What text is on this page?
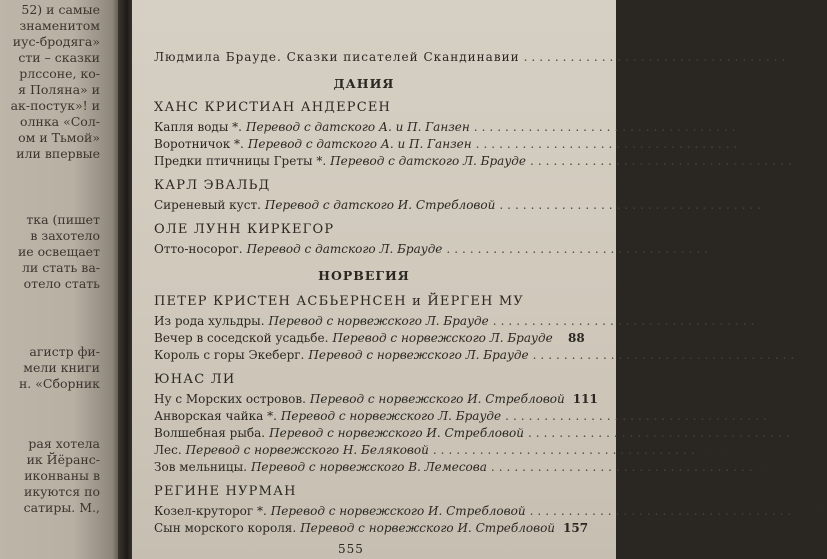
52) и самые
знаменитом
иус-бродяга»
сти – сказки
рлссоне, ко-
я Поляна» и
ак-постук»! и
олнка «Сол-
ом и Тьмой»
или впервые
тка (пишет
в захотело
ие освещает
ли стать ва-
отело стать
агистр фи-
мели книги
н. «Сборник
рая хотела
ик Йёранс-
иконваны в
икуются по
сатиры. М.,
Людмила Брауде. Сказки писателей Скандинавии ..................................	5
ДАНИЯ
ХАНС КРИСТИАН АНДЕРСЕН
Капля воды *. Перевод с датского А. и П. Ганзен .................................. 14
Воротничок *. Перевод с датского А. и П. Ганзен .................................. 17
Предки птичницы Греты *. Перевод с датского Л. Брауде .................................. 19
КАРЛ ЭВАЛЬД
Сиреневый куст. Перевод с датского И. Стребловой .................................. 32
ОЛЕ ЛУНН КИРКЕГОР
Отто-носорог. Перевод с датского Л. Брауде .................................. 39
НОРВЕГИЯ
ПЕТЕР КРИСТЕН АСБЬЕРНСЕН и ЙЕРГЕН МУ
Из рода хульдры. Перевод с норвежского Л. Брауде .................................. 82
Вечер в соседской усадьбе. Перевод с норвежского Л. Брауде	88
Король с горы Экеберг. Перевод с норвежского Л. Брауде .................................. 104
ЮНАС ЛИ
Ну с Морских островов. Перевод с норвежского И. Стребловой 111
Анворская чайка *. Перевод с норвежского Л. Брауде .................................. 133
Волшебная рыба. Перевод с норвежского И. Стребловой .................................. 137
Лес. Перевод с норвежского Н. Беляковой .................................. 140
Зов мельницы. Перевод с норвежского В. Лемесова .................................. 144
РЕГИНЕ НУРМАН
Козел-круторог *. Перевод с норвежского И. Стребловой .................................. 149
Сын морского короля. Перевод с норвежского И. Стребловой 157
555
